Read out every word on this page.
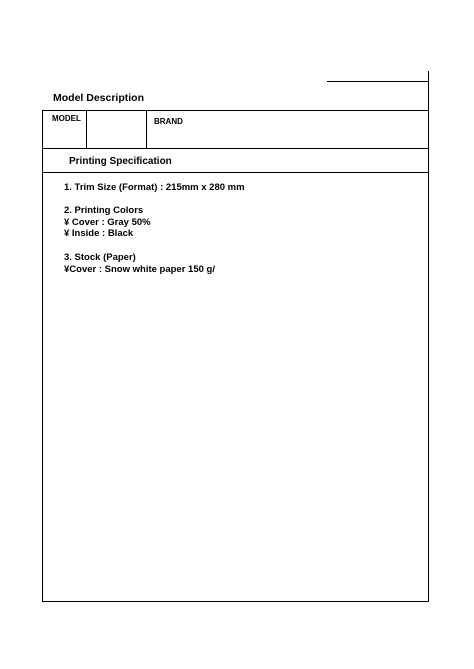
Model Description
MODEL	BRAND
Printing Specification
1. Trim Size (Format) : 215mm x 280 mm
2. Printing Colors
¥ Cover : Gray 50%
¥ Inside : Black
3. Stock (Paper)
¥Cover : Snow white paper 150 g/
